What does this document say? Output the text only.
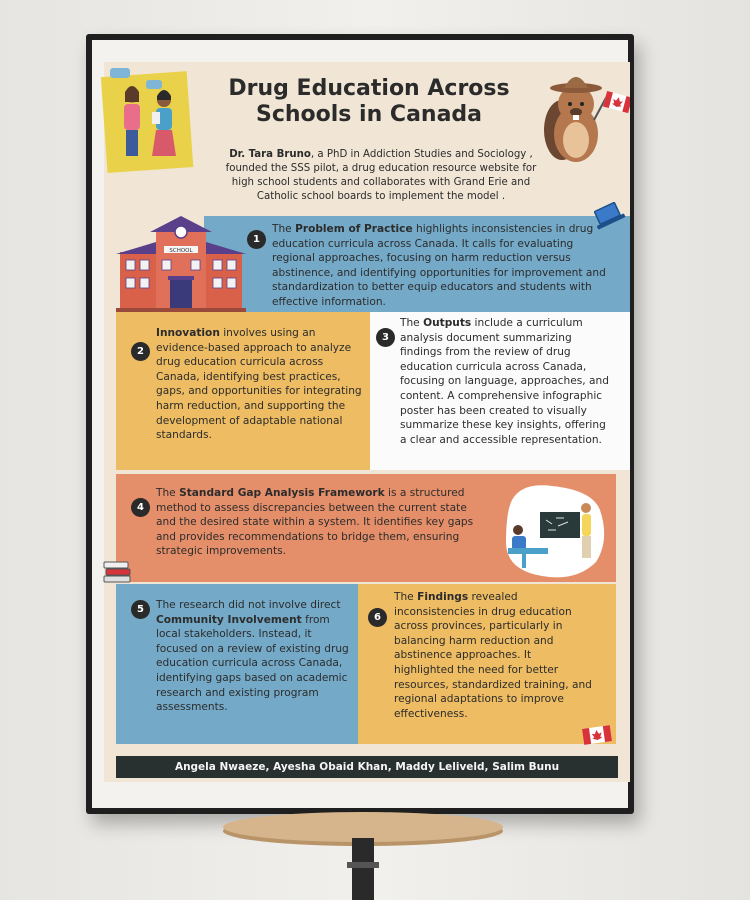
Drug Education Across
Schools in Canada
Dr. Tara Bruno, a PhD in Addiction Studies and Sociology , founded the SSS pilot, a drug education resource website for high school students and collaborates with Grand Erie and Catholic school boards to implement the model .
1
The Problem of Practice highlights inconsistencies in drug education curricula across Canada. It calls for evaluating regional approaches, focusing on harm reduction versus abstinence, and identifying opportunities for improvement and standardization to better equip educators and students with effective information.
SCHOOL
2
Innovation involves using an evidence-based approach to analyze drug education curricula across Canada, identifying best practices, gaps, and opportunities for integrating harm reduction, and supporting the development of adaptable national standards.
3
The Outputs include a curriculum analysis document summarizing findings from the review of drug education curricula across Canada, focusing on language, approaches, and content. A comprehensive infographic poster has been created to visually summarize these key insights, offering a clear and accessible representation.
4
The Standard Gap Analysis Framework is a structured method to assess discrepancies between the current state and the desired state within a system. It identifies key gaps and provides recommendations to bridge them, ensuring strategic improvements.
5	The research did not involve direct Community Involvement from local stakeholders. Instead, it focused on a review of existing drug education curricula across Canada, identifying gaps based on academic research and existing program assessments.
6
The Findings revealed inconsistencies in drug education across provinces, particularly in balancing harm reduction and abstinence approaches. It highlighted the need for better resources, standardized training, and regional adaptations to improve effectiveness.
Angela Nwaeze, Ayesha Obaid Khan, Maddy Leliveld, Salim Bunu
